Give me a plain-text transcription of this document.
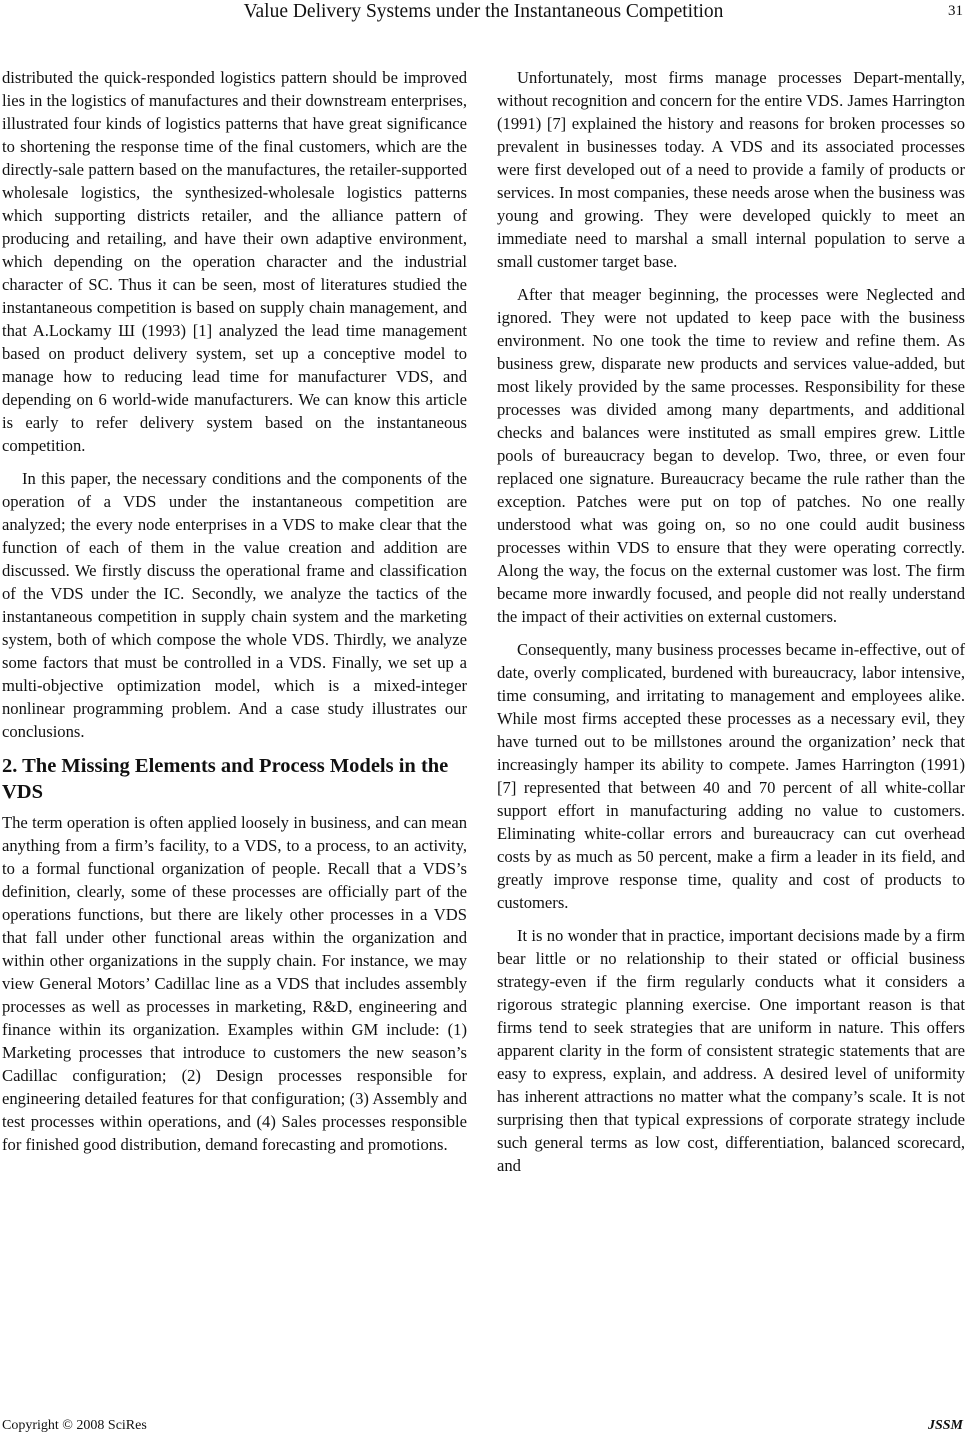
Value Delivery Systems under the Instantaneous Competition	31

distributed the quick-responded logistics pattern should be improved lies in the logistics of manufactures and their downstream enterprises, illustrated four kinds of logistics patterns that have great significance to shortening the response time of the final customers, which are the directly-sale pattern based on the manufactures, the retailer-supported wholesale logistics, the synthesized-wholesale logistics patterns which supporting districts retailer, and the alliance pattern of producing and retailing, and have their own adaptive environment, which depending on the operation character and the industrial character of SC. Thus it can be seen, most of literatures studied the instantaneous competition is based on supply chain management, and that A.Lockamy Ш (1993) [1] analyzed the lead time management based on product delivery system, set up a conceptive model to manage how to reducing lead time for manufacturer VDS, and depending on 6 world-wide manufacturers. We can know this article is early to refer delivery system based on the instantaneous competition.

In this paper, the necessary conditions and the components of the operation of a VDS under the instantaneous competition are analyzed; the every node enterprises in a VDS to make clear that the function of each of them in the value creation and addition are discussed. We firstly discuss the operational frame and classification of the VDS under the IC. Secondly, we analyze the tactics of the instantaneous competition in supply chain system and the marketing system, both of which compose the whole VDS. Thirdly, we analyze some factors that must be controlled in a VDS. Finally, we set up a multi-objective optimization model, which is a mixed-integer nonlinear programming problem. And a case study illustrates our conclusions.

2. The Missing Elements and Process Models in the VDS

The term operation is often applied loosely in business, and can mean anything from a firm’s facility, to a VDS, to a process, to an activity, to a formal functional organization of people. Recall that a VDS’s definition, clearly, some of these processes are officially part of the operations functions, but there are likely other processes in a VDS that fall under other functional areas within the organization and within other organizations in the supply chain. For instance, we may view General Motors’ Cadillac line as a VDS that includes assembly processes as well as processes in marketing, R&D, engineering and finance within its organization. Examples within GM include: (1) Marketing processes that introduce to customers the new season’s Cadillac configuration; (2) Design processes responsible for engineering detailed features for that configuration; (3) Assembly and test processes within operations, and (4) Sales processes responsible for finished good distribution, demand forecasting and promotions.

Unfortunately, most firms manage processes Depart-mentally, without recognition and concern for the entire VDS. James Harrington (1991) [7] explained the history and reasons for broken processes so prevalent in businesses today. A VDS and its associated processes were first developed out of a need to provide a family of products or services. In most companies, these needs arose when the business was young and growing. They were developed quickly to meet an immediate need to marshal a small internal population to serve a small customer target base.

After that meager beginning, the processes were Neglected and ignored. They were not updated to keep pace with the business environment. No one took the time to review and refine them. As business grew, disparate new products and services value-added, but most likely provided by the same processes. Responsibility for these processes was divided among many departments, and additional checks and balances were instituted as small empires grew. Little pools of bureaucracy began to develop. Two, three, or even four replaced one signature. Bureaucracy became the rule rather than the exception. Patches were put on top of patches. No one really understood what was going on, so no one could audit business processes within VDS to ensure that they were operating correctly. Along the way, the focus on the external customer was lost. The firm became more inwardly focused, and people did not really understand the impact of their activities on external customers.

Consequently, many business processes became in-effective, out of date, overly complicated, burdened with bureaucracy, labor intensive, time consuming, and irritating to management and employees alike. While most firms accepted these processes as a necessary evil, they have turned out to be millstones around the organization’ neck that increasingly hamper its ability to compete. James Harrington (1991) [7] represented that between 40 and 70 percent of all white-collar support effort in manufacturing adding no value to customers. Eliminating white-collar errors and bureaucracy can cut overhead costs by as much as 50 percent, make a firm a leader in its field, and greatly improve response time, quality and cost of products to customers.

It is no wonder that in practice, important decisions made by a firm bear little or no relationship to their stated or official business strategy-even if the firm regularly conducts what it considers a rigorous strategic planning exercise. One important reason is that firms tend to seek strategies that are uniform in nature. This offers apparent clarity in the form of consistent strategic statements that are easy to express, explain, and address. A desired level of uniformity has inherent attractions no matter what the company’s scale. It is not surprising then that typical expressions of corporate strategy include such general terms as low cost, differentiation, balanced scorecard, and

Copyright © 2008 SciRes	JSSM
